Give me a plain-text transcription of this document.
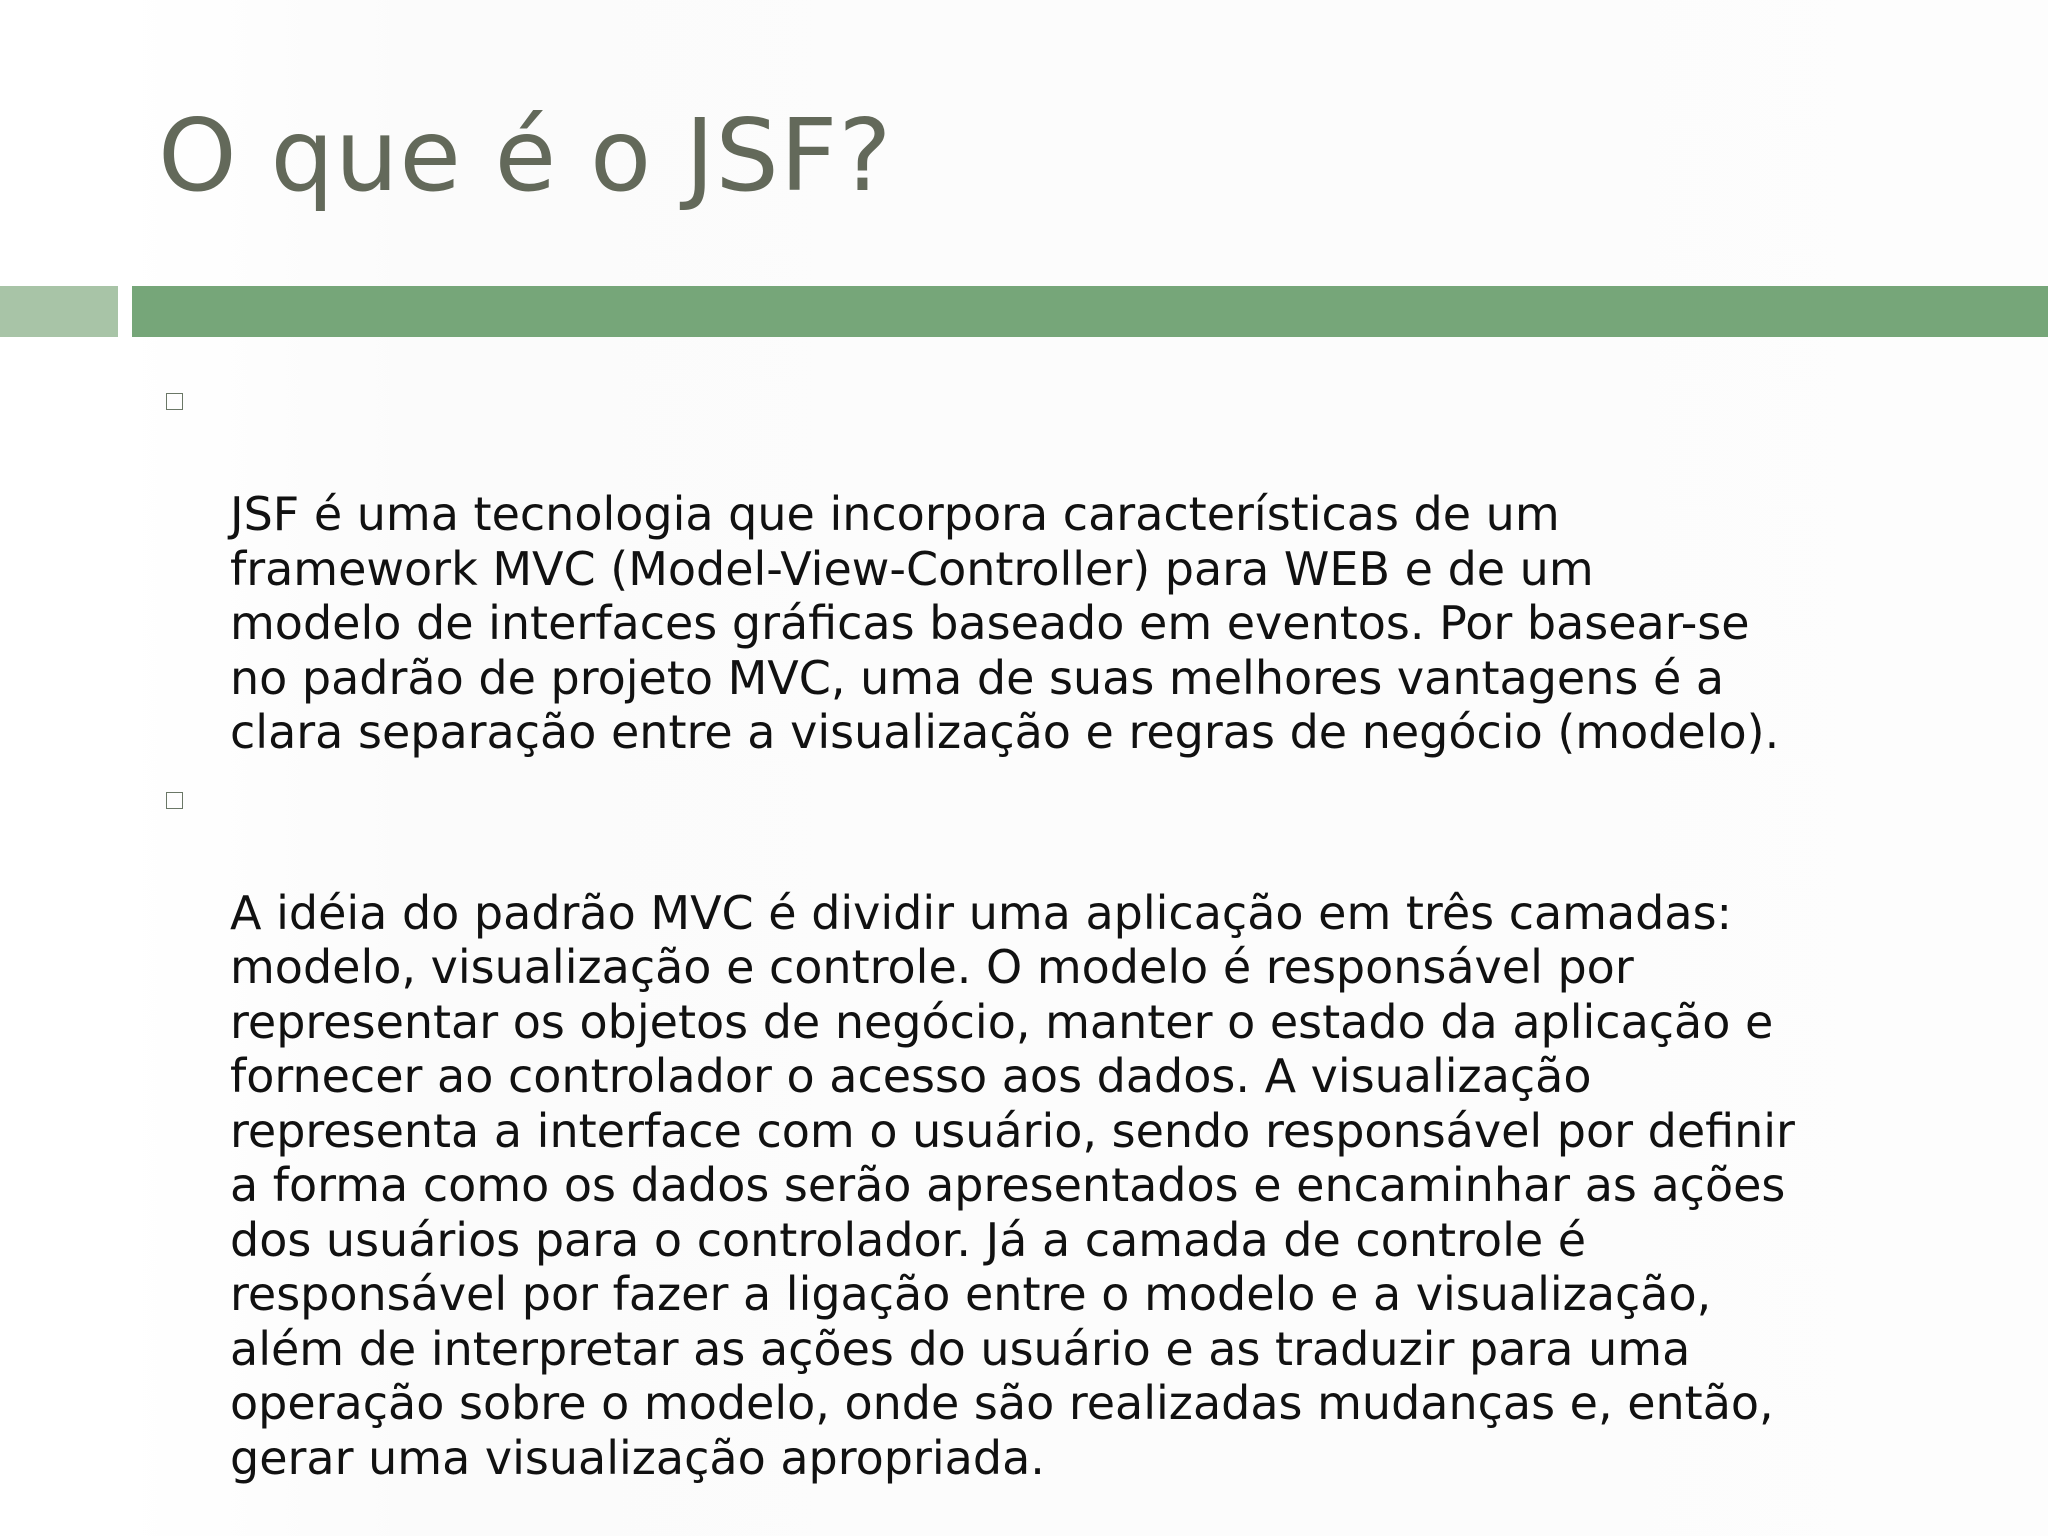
O que é o JSF?

JSF é uma tecnologia que incorpora características de um
framework MVC (Model-View-Controller) para WEB e de um
modelo de interfaces gráficas baseado em eventos. Por basear-se
no padrão de projeto MVC, uma de suas melhores vantagens é a
clara separação entre a visualização e regras de negócio (modelo).

A idéia do padrão MVC é dividir uma aplicação em três camadas:
modelo, visualização e controle. O modelo é responsável por
representar os objetos de negócio, manter o estado da aplicação e
fornecer ao controlador o acesso aos dados. A visualização
representa a interface com o usuário, sendo responsável por definir
a forma como os dados serão apresentados e encaminhar as ações
dos usuários para o controlador. Já a camada de controle é
responsável por fazer a ligação entre o modelo e a visualização,
além de interpretar as ações do usuário e as traduzir para uma
operação sobre o modelo, onde são realizadas mudanças e, então,
gerar uma visualização apropriada.
